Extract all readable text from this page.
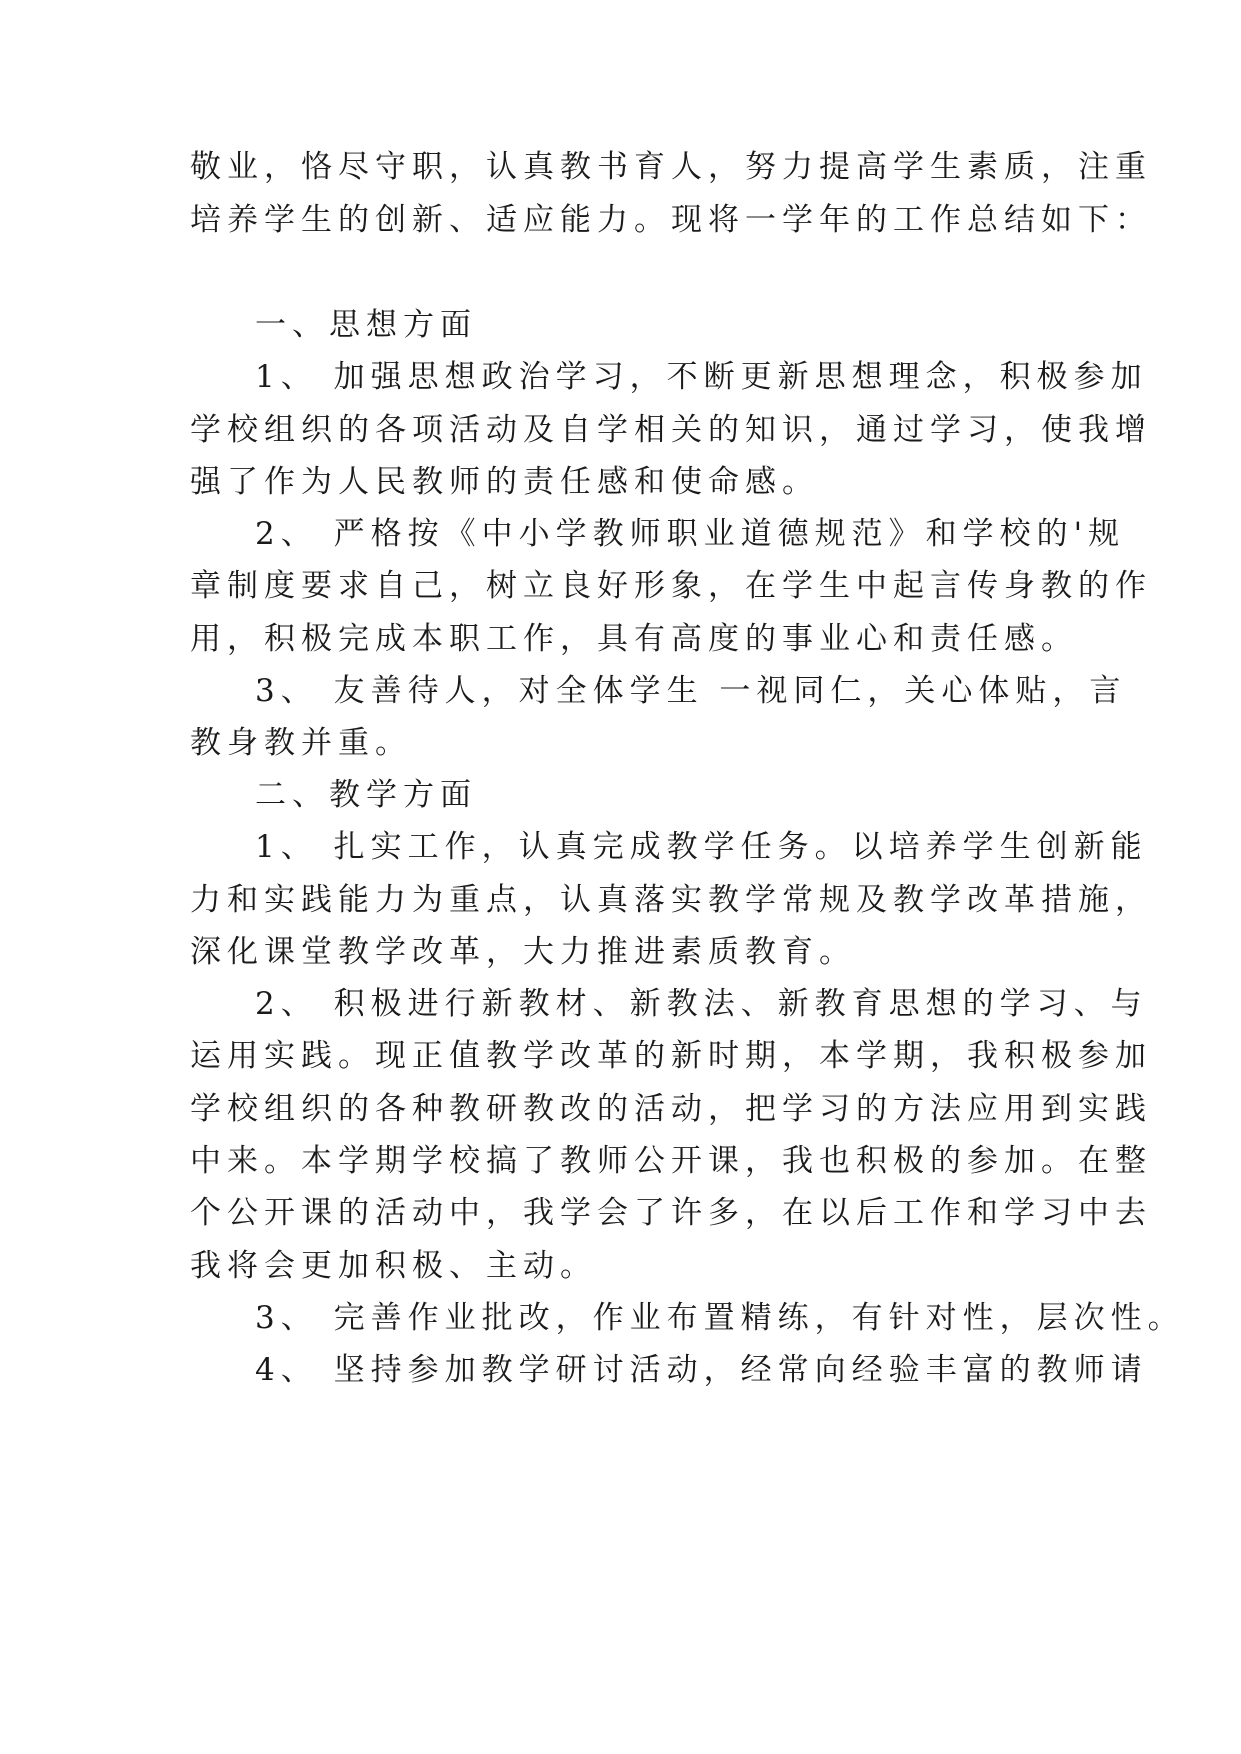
敬业，恪尽守职，认真教书育人，努力提高学生素质，注重
培养学生的创新、适应能力。现将一学年的工作总结如下：
一、思想方面
1、 加强思想政治学习，不断更新思想理念，积极参加
学校组织的各项活动及自学相关的知识，通过学习，使我增
强了作为人民教师的责任感和使命感。
2、 严格按《中小学教师职业道德规范》和学校的'规
章制度要求自己，树立良好形象，在学生中起言传身教的作
用，积极完成本职工作，具有高度的事业心和责任感。
3、 友善待人，对全体学生 一视同仁，关心体贴，言
教身教并重。
二、教学方面
1、 扎实工作，认真完成教学任务。以培养学生创新能
力和实践能力为重点，认真落实教学常规及教学改革措施，
深化课堂教学改革，大力推进素质教育。
2、 积极进行新教材、新教法、新教育思想的学习、与
运用实践。现正值教学改革的新时期，本学期，我积极参加
学校组织的各种教研教改的活动，把学习的方法应用到实践
中来。本学期学校搞了教师公开课，我也积极的参加。在整
个公开课的活动中，我学会了许多，在以后工作和学习中去
我将会更加积极、主动。
3、 完善作业批改，作业布置精练，有针对性，层次性。
4、 坚持参加教学研讨活动，经常向经验丰富的教师请
